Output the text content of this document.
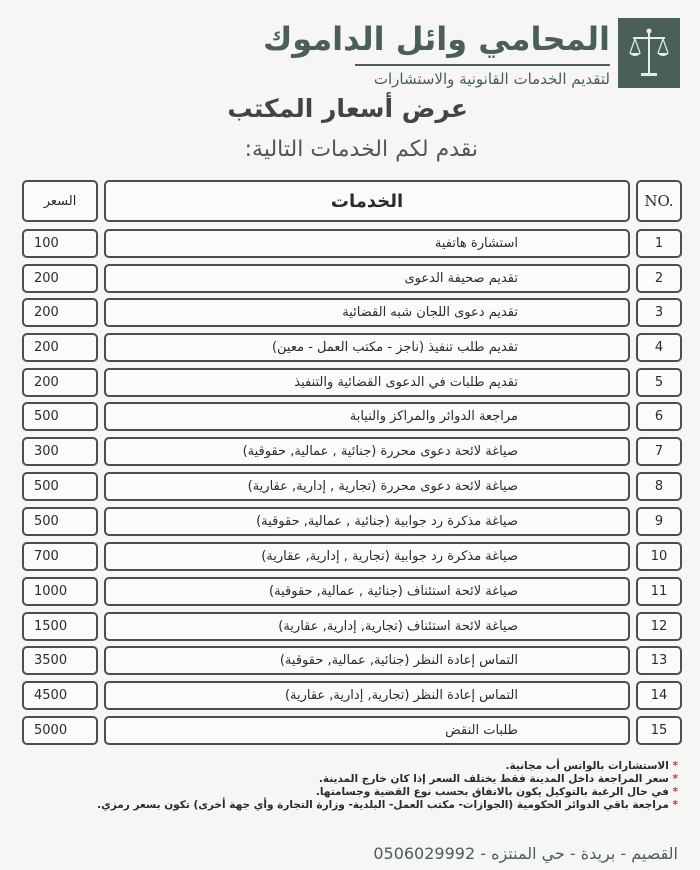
المحامي وائل الداموك
لتقديم الخدمات القانونية والاستشارات
عرض أسعار المكتب
نقدم لكم الخدمات التالية:
السعر	الخدمات	NO.
100	استشارة هاتفية	1
200	تقديم صحيفة الدعوى	2
200	تقديم دعوى اللجان شبه القضائية	3
200	تقديم طلب تنفيذ (ناجز - مكتب العمل - معين)	4
200	تقديم طلبات في الدعوى القضائية والتنفيذ	5
500	مراجعة الدوائر والمراكز والنيابة	6
300	صياغة لائحة دعوى محررة (جنائية , عمالية, حقوقية)	7
500	صياغة لائحة دعوى محررة (تجارية , إدارية, عقارية)	8
500	صياغة مذكرة رد جوابية (جنائية , عمالية, حقوقية)	9
700	صياغة مذكرة رد جوابية (تجارية , إدارية, عقارية)	10
1000	صياغة لائحة استئناف (جنائية , عمالية, حقوقية)	11
1500	صياغة لائحة استئناف (تجارية, إدارية, عقارية)	12
3500	التماس إعادة النظر (جنائية, عمالية, حقوقية)	13
4500	التماس إعادة النظر (تجارية, إدارية, عقارية)	14
5000	طلبات النقض	15
* الاستشارات بالواتس أب مجانية.
* سعر المراجعة داخل المدينة فقط يختلف السعر إذا كان خارج المدينة.
* في حال الرغبة بالتوكيل يكون بالاتفاق بحسب نوع القضية وجسامتها.
* مراجعة باقي الدوائر الحكومية (الجوازات- مكتب العمل- البلدية- وزارة التجارة وأي جهة أخرى) تكون بسعر رمزي.
القصيم - بريدة - حي المنتزه - 0506029992
